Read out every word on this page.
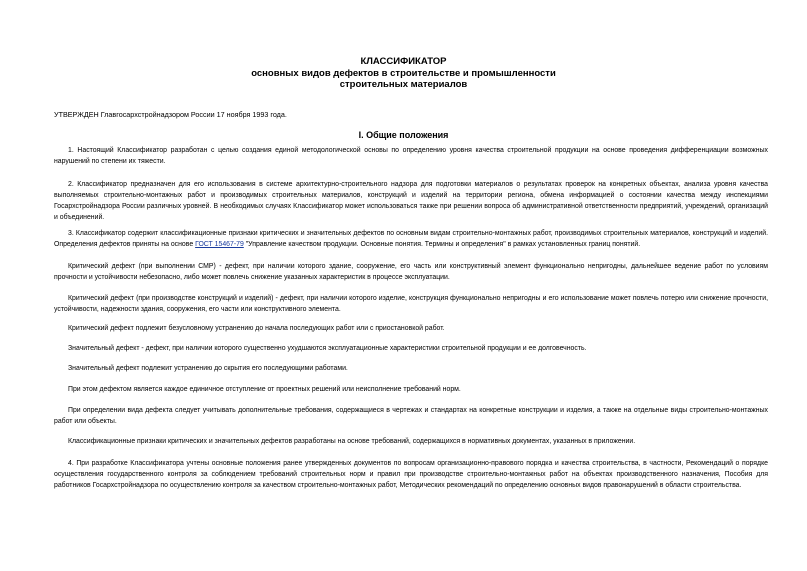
КЛАССИФИКАТОР
основных видов дефектов в строительстве и промышленности
строительных материалов
УТВЕРЖДЕН Главгосархстройнадзором России 17 ноября 1993 года.
I. Общие положения

1. Настоящий Классификатор разработан с целью создания единой методологической основы по определению уровня качества строительной продукции на основе проведения дифференциации возможных нарушений по степени их тяжести.

2. Классификатор предназначен для его использования в системе архитектурно-строительного надзора для подготовки материалов о результатах проверок на конкретных объектах, анализа уровня качества выполняемых строительно-монтажных работ и производимых строительных материалов, конструкций и изделий на территории региона, обмена информацией о состоянии качества между инспекциями Госархстройнадзора России различных уровней. В необходимых случаях Классификатор может использоваться также при решении вопроса об административной ответственности предприятий, учреждений, организаций и объединений.

3. Классификатор содержит классификационные признаки критических и значительных дефектов по основным видам строительно-монтажных работ, производимых строительных материалов, конструкций и изделий. Определения дефектов приняты на основе ГОСТ 15467-79 "Управление качеством продукции. Основные понятия. Термины и определения" в рамках установленных границ понятий.

Критический дефект (при выполнении СМР) - дефект, при наличии которого здание, сооружение, его часть или конструктивный элемент функционально непригодны, дальнейшее ведение работ по условиям прочности и устойчивости небезопасно, либо может повлечь снижение указанных характеристик в процессе эксплуатации.

Критический дефект (при производстве конструкций и изделий) - дефект, при наличии которого изделие, конструкция функционально непригодны и его использование может повлечь потерю или снижение прочности, устойчивости, надежности здания, сооружения, его части или конструктивного элемента.

Критический дефект подлежит безусловному устранению до начала последующих работ или с приостановкой работ.

Значительный дефект - дефект, при наличии которого существенно ухудшаются эксплуатационные характеристики строительной продукции и ее долговечность.

Значительный дефект подлежит устранению до скрытия его последующими работами.

При этом дефектом является каждое единичное отступление от проектных решений или неисполнение требований норм.

При определении вида дефекта следует учитывать дополнительные требования, содержащиеся в чертежах и стандартах на конкретные конструкции и изделия, а также на отдельные виды строительно-монтажных работ или объекты.

Классификационные признаки критических и значительных дефектов разработаны на основе требований, содержащихся в нормативных документах, указанных в приложении.

4. При разработке Классификатора учтены основные положения ранее утвержденных документов по вопросам организационно-правового порядка и качества строительства, в частности, Рекомендаций о порядке осуществления государственного контроля за соблюдением требований строительных норм и правил при производстве строительно-монтажных работ на объектах производственного назначения, Пособия для работников Госархстройнадзора по осуществлению контроля за качеством строительно-монтажных работ, Методических рекомендаций по определению основных видов правонарушений в области строительства.
